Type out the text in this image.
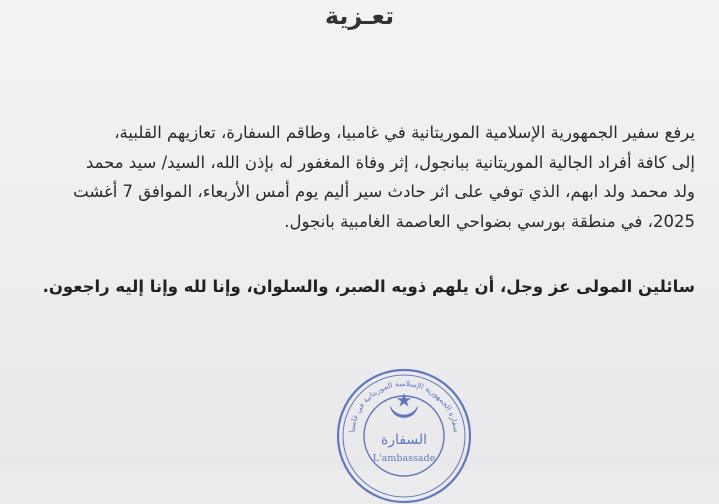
تعـزية
يرفع سفير الجمهورية الإسلامية الموريتانية في غامبيا، وطاقم السفارة، تعازيهم القلبية،
إلى كافة أفراد الجالية الموريتانية ببانجول، إثر وفاة المغفور له بإذن الله، السيد/ سيد محمد
ولد محمد ولد ابهم، الذي توفي على اثر حادث سير أليم يوم أمس الأربعاء، الموافق 7 أغشت
2025، في منطقة بورسي بضواحي العاصمة الغامبية بانجول.
سائلين المولى عز وجل، أن يلهم ذويه الصبر، والسلوان، وإنا لله وإنا إليه راجعون.
سفارة الجمهورية الإسلامية الموريتانية في غامبيا
السفارة
L'ambassade
